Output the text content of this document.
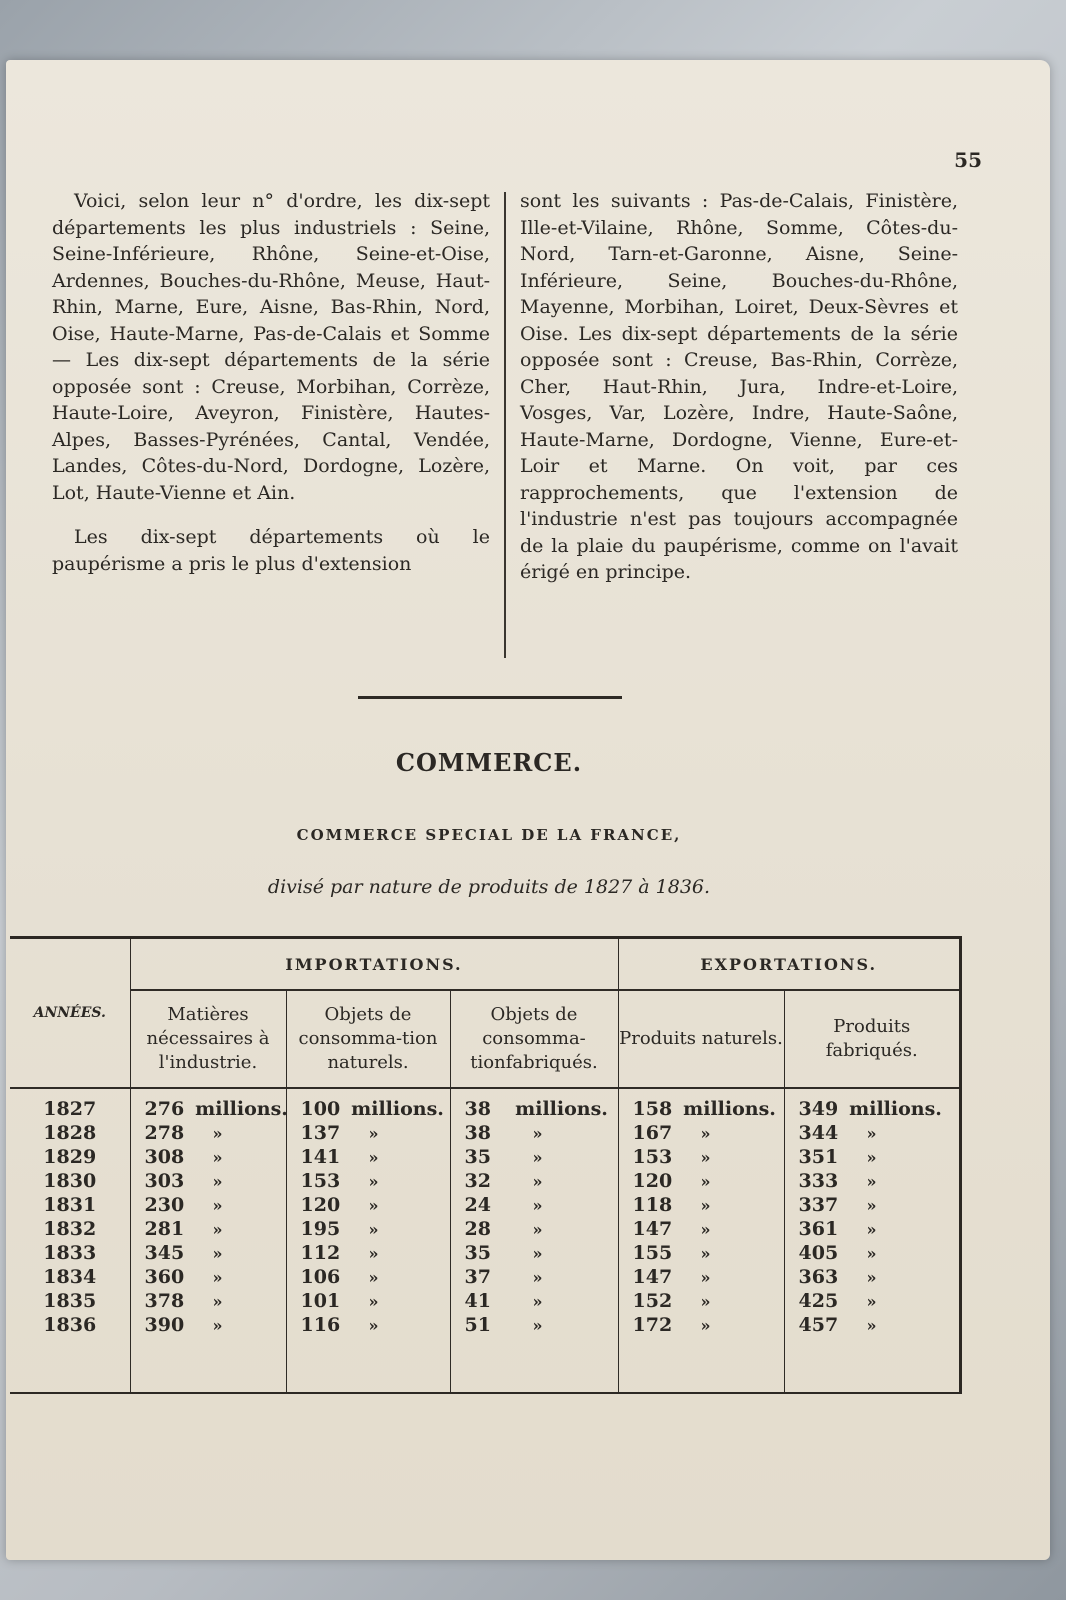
55

Voici, selon leur n° d'ordre, les dix-sept départements les plus industriels : Seine, Seine-Inférieure, Rhône, Seine-et-Oise, Ardennes, Bouches-du-Rhône, Meuse, Haut-Rhin, Marne, Eure, Aisne, Bas-Rhin, Nord, Oise, Haute-Marne, Pas-de-Calais et Somme — Les dix-sept départements de la série opposée sont : Creuse, Morbihan, Corrèze, Haute-Loire, Aveyron, Finistère, Hautes-Alpes, Basses-Pyrénées, Cantal, Vendée, Landes, Côtes-du-Nord, Dordogne, Lozère, Lot, Haute-Vienne et Ain.

Les dix-sept départements où le paupérisme a pris le plus d'extension

sont les suivants : Pas-de-Calais, Finistère, Ille-et-Vilaine, Rhône, Somme, Côtes-du-Nord, Tarn-et-Garonne, Aisne, Seine-Inférieure, Seine, Bouches-du-Rhône, Mayenne, Morbihan, Loiret, Deux-Sèvres et Oise. Les dix-sept départements de la série opposée sont : Creuse, Bas-Rhin, Corrèze, Cher, Haut-Rhin, Jura, Indre-et-Loire, Vosges, Var, Lozère, Indre, Haute-Saône, Haute-Marne, Dordogne, Vienne, Eure-et-Loir et Marne. On voit, par ces rapprochements, que l'extension de l'industrie n'est pas toujours accompagnée de la plaie du paupérisme, comme on l'avait érigé en principe.

COMMERCE.
COMMERCE SPECIAL DE LA FRANCE,

divisé par nature de produits de 1827 à 1836.

ANNÉES.	IMPORTATIONS.			EXPORTATIONS.	
	Matières nécessaires à l'industrie.	Objets de consomma-tion naturels.	Objets de consomma-tionfabriqués.	Produits naturels.	Produits fabriqués.
1827	276 millions.	100 millions.	38 millions.	158 millions.	349 millions.
1828	278 »	137 »	38 »	167 »	344 »
1829	308 »	141 »	35 »	153 »	351 »
1830	303 »	153 »	32 »	120 »	333 »
1831	230 »	120 »	24 »	118 »	337 »
1832	281 »	195 »	28 »	147 »	361 »
1833	345 »	112 »	35 »	155 »	405 »
1834	360 »	106 »	37 »	147 »	363 »
1835	378 »	101 »	41 »	152 »	425 »
1836	390 »	116 »	51 »	172 »	457 »
